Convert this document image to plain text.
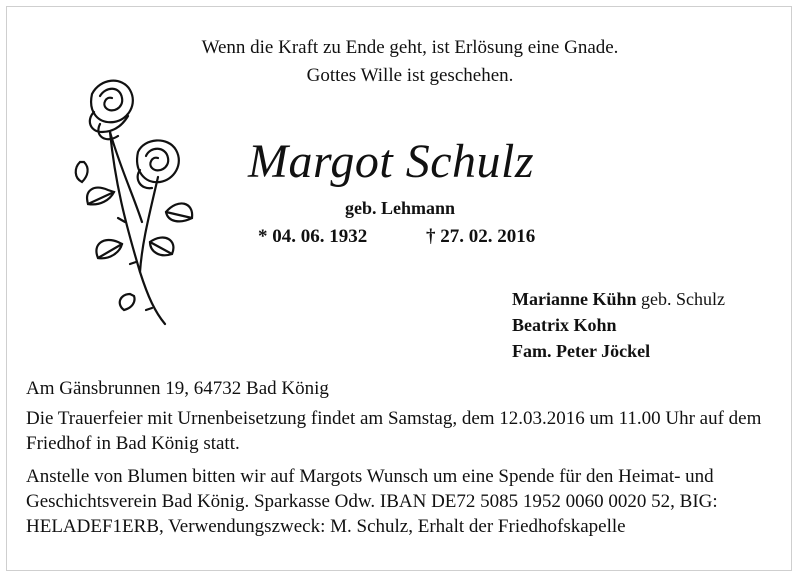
Wenn die Kraft zu Ende geht, ist Erlösung eine Gnade.
Gottes Wille ist geschehen.
Margot Schulz
geb. Lehmann
* 04. 06. 1932	† 27. 02. 2016
Marianne Kühn geb. Schulz
Beatrix Kohn
Fam. Peter Jöckel
Am Gänsbrunnen 19, 64732 Bad König
Die Trauerfeier mit Urnenbeisetzung findet am Samstag, dem 12.03.2016 um 11.00 Uhr auf dem Friedhof in Bad König statt.
Anstelle von Blumen bitten wir auf Margots Wunsch um eine Spende für den Heimat- und Geschichtsverein Bad König. Sparkasse Odw. IBAN DE72 5085 1952 0060 0020 52, BIG: HELADEF1ERB, Verwendungszweck: M. Schulz, Erhalt der Friedhofskapelle
